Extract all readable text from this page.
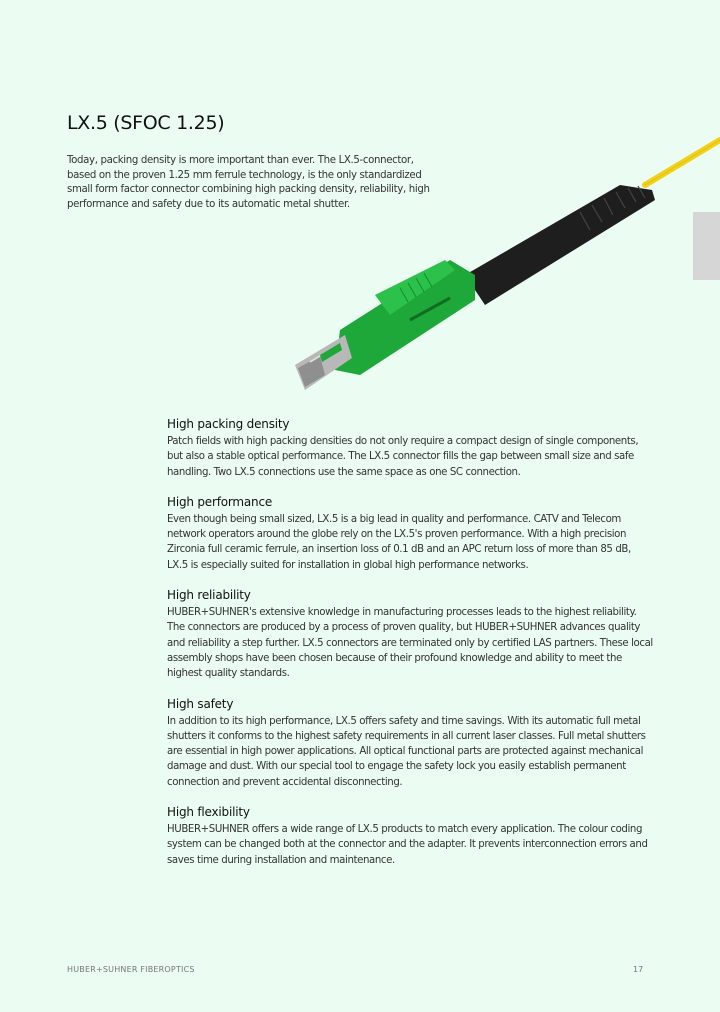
LX.5 (SFOC 1.25)
Today, packing density is more important than ever. The LX.5-connector, based on the proven 1.25 mm ferrule technology, is the only standardized small form factor connector combining high packing density, reliability, high performance and safety due to its automatic metal shutter.
High packing density

Patch fields with high packing densities do not only require a compact design of single components, but also a stable optical performance. The LX.5 connector fills the gap between small size and safe handling. Two LX.5 connections use the same space as one SC connection.

High performance

Even though being small sized, LX.5 is a big lead in quality and performance. CATV and Telecom network operators around the globe rely on the LX.5's proven performance. With a high precision Zirconia full ceramic ferrule, an insertion loss of 0.1 dB and an APC return loss of more than 85 dB, LX.5 is especially suited for installation in global high performance networks.

High reliability

HUBER+SUHNER's extensive knowledge in manufacturing processes leads to the highest reliability. The connectors are produced by a process of proven quality, but HUBER+SUHNER advances quality and reliability a step further. LX.5 connectors are terminated only by certified LAS partners. These local assembly shops have been chosen because of their profound knowledge and ability to meet the highest quality standards.

High safety

In addition to its high performance, LX.5 offers safety and time savings. With its automatic full metal shutters it conforms to the highest safety requirements in all current laser classes. Full metal shutters are essential in high power applications. All optical functional parts are protected against mechanical damage and dust. With our special tool to engage the safety lock you easily establish permanent connection and prevent accidental disconnecting.

High flexibility

HUBER+SUHNER offers a wide range of LX.5 products to match every application. The colour coding system can be changed both at the connector and the adapter. It prevents interconnection errors and saves time during installation and maintenance.

HUBER+SUHNER FIBEROPTICS	17
